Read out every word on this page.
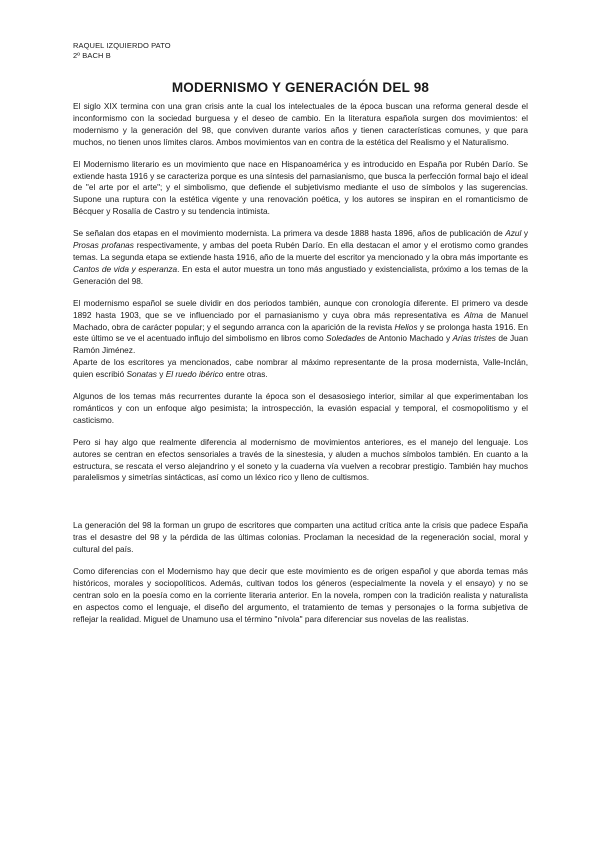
RAQUEL IZQUIERDO PATO
2º BACH B
MODERNISMO Y GENERACIÓN DEL 98

El siglo XIX termina con una gran crisis ante la cual los intelectuales de la época buscan una reforma general desde el inconformismo con la sociedad burguesa y el deseo de cambio. En la literatura española surgen dos movimientos: el modernismo y la generación del 98, que conviven durante varios años y tienen características comunes, y que para muchos, no tienen unos límites claros. Ambos movimientos van en contra de la estética del Realismo y el Naturalismo.

El Modernismo literario es un movimiento que nace en Hispanoamérica y es introducido en España por Rubén Darío. Se extiende hasta 1916 y se caracteriza porque es una síntesis del parnasianismo, que busca la perfección formal bajo el ideal de "el arte por el arte"; y el simbolismo, que defiende el subjetivismo mediante el uso de símbolos y las sugerencias. Supone una ruptura con la estética vigente y una renovación poética, y los autores se inspiran en el romanticismo de Bécquer y Rosalía de Castro y su tendencia intimista.

Se señalan dos etapas en el movimiento modernista. La primera va desde 1888 hasta 1896, años de publicación de Azul y Prosas profanas respectivamente, y ambas del poeta Rubén Darío. En ella destacan el amor y el erotismo como grandes temas. La segunda etapa se extiende hasta 1916, año de la muerte del escritor ya mencionado y la obra más importante es Cantos de vida y esperanza. En esta el autor muestra un tono más angustiado y existencialista, próximo a los temas de la Generación del 98.

El modernismo español se suele dividir en dos periodos también, aunque con cronología diferente. El primero va desde 1892 hasta 1903, que se ve influenciado por el parnasianismo y cuya obra más representativa es Alma de Manuel Machado, obra de carácter popular; y el segundo arranca con la aparición de la revista Helios y se prolonga hasta 1916. En este último se ve el acentuado influjo del simbolismo en libros como Soledades de Antonio Machado y Arias tristes de Juan Ramón Jiménez.

Aparte de los escritores ya mencionados, cabe nombrar al máximo representante de la prosa modernista, Valle-Inclán, quien escribió Sonatas y El ruedo ibérico entre otras.

Algunos de los temas más recurrentes durante la época son el desasosiego interior, similar al que experimentaban los románticos y con un enfoque algo pesimista; la introspección, la evasión espacial y temporal, el cosmopolitismo y el casticismo.

Pero si hay algo que realmente diferencia al modernismo de movimientos anteriores, es el manejo del lenguaje. Los autores se centran en efectos sensoriales a través de la sinestesia, y aluden a muchos símbolos también. En cuanto a la estructura, se rescata el verso alejandrino y el soneto y la cuaderna vía vuelven a recobrar prestigio. También hay muchos paralelismos y simetrías sintácticas, así como un léxico rico y lleno de cultismos.

La generación del 98 la forman un grupo de escritores que comparten una actitud crítica ante la crisis que padece España tras el desastre del 98 y la pérdida de las últimas colonias. Proclaman la necesidad de la regeneración social, moral y cultural del país.

Como diferencias con el Modernismo hay que decir que este movimiento es de origen español y que aborda temas más históricos, morales y sociopolíticos. Además, cultivan todos los géneros (especialmente la novela y el ensayo) y no se centran solo en la poesía como en la corriente literaria anterior. En la novela, rompen con la tradición realista y naturalista en aspectos como el lenguaje, el diseño del argumento, el tratamiento de temas y personajes o la forma subjetiva de reflejar la realidad. Miguel de Unamuno usa el término "nívola" para diferenciar sus novelas de las realistas.
